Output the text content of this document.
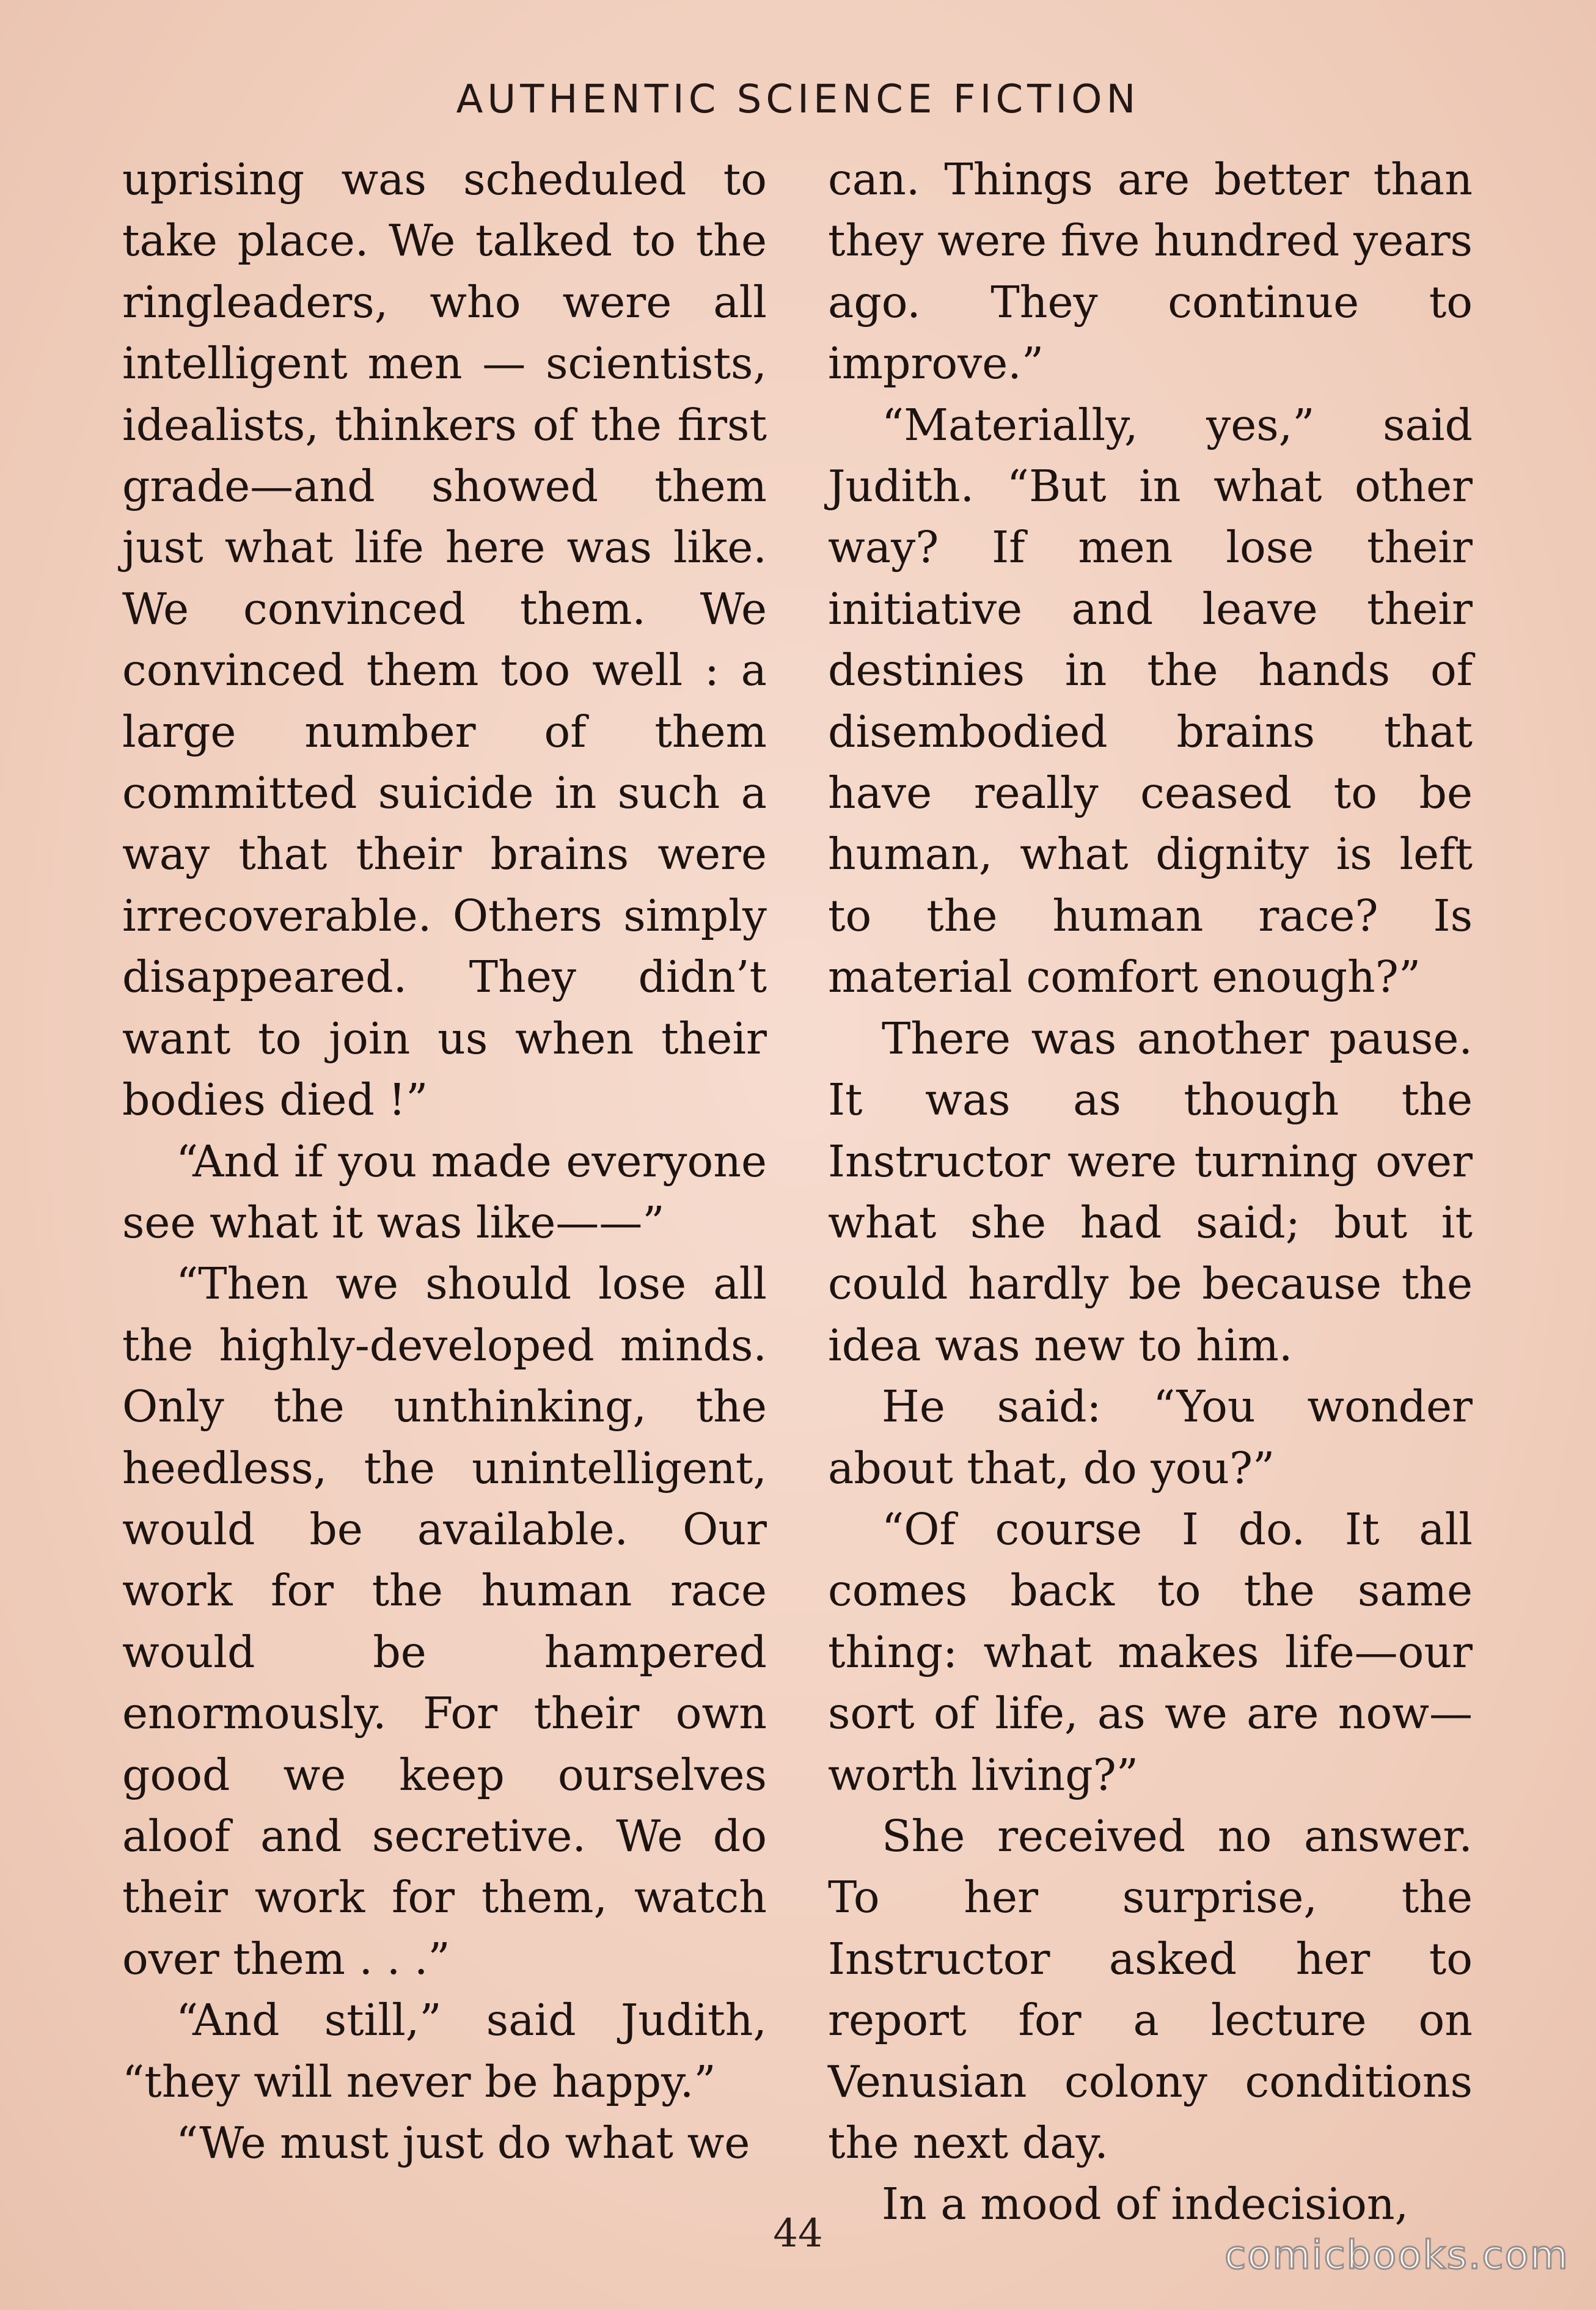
AUTHENTIC SCIENCE FICTION

uprising was scheduled to take place. We talked to the ringleaders, who were all intelligent men — scientists, idealists, thinkers of the first grade—and showed them just what life here was like. We convinced them. We convinced them too well : a large number of them committed suicide in such a way that their brains were irrecoverable. Others simply disappeared. They didn’t want to join us when their bodies died !”

“And if you made everyone see what it was like——”

“Then we should lose all the highly-developed minds. Only the unthinking, the heedless, the unintelligent, would be available. Our work for the human race would be hampered enormously. For their own good we keep ourselves aloof and secretive. We do their work for them, watch over them . . .”

“And still,” said Judith, “they will never be happy.”

“We must just do what we

can. Things are better than they were five hundred years ago. They continue to improve.”

“Materially, yes,” said Judith. “But in what other way? If men lose their initiative and leave their destinies in the hands of disembodied brains that have really ceased to be human, what dignity is left to the human race? Is material comfort enough?”

There was another pause. It was as though the Instructor were turning over what she had said; but it could hardly be because the idea was new to him.

He said: “You wonder about that, do you?”

“Of course I do. It all comes back to the same thing: what makes life—our sort of life, as we are now—worth living?”

She received no answer. To her surprise, the Instructor asked her to report for a lecture on Venusian colony conditions the next day.

In a mood of indecision,

44	comicbooks.com
